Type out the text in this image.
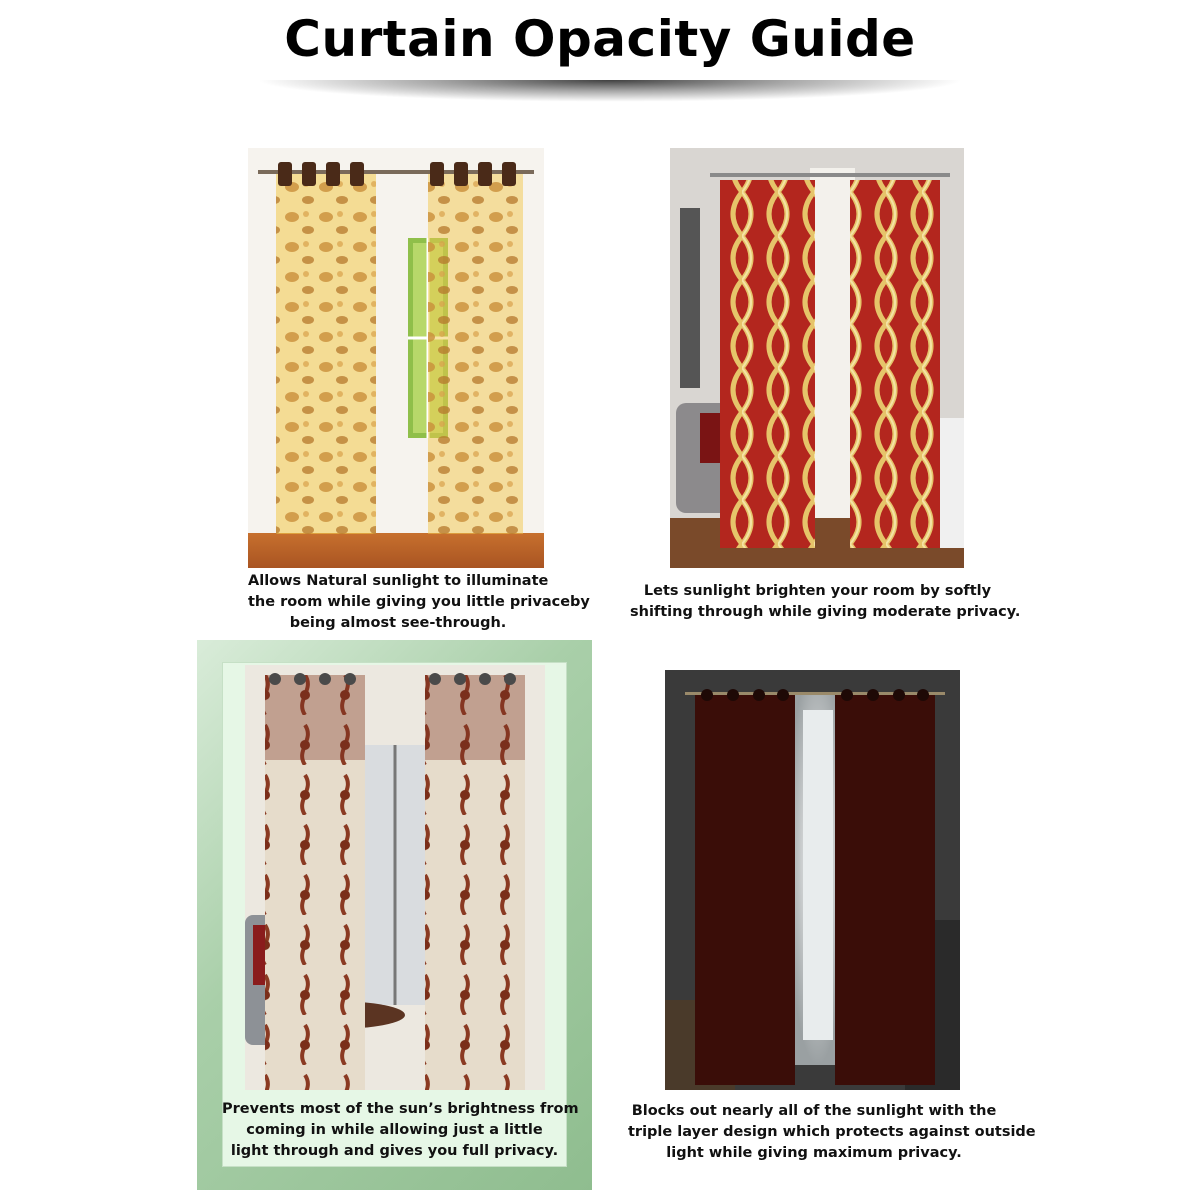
Curtain Opacity Guide
Allows Natural sunlight to illuminate
the room while giving you little privaceby
being almost see-through.
Lets sunlight brighten your room by softly
shifting through while giving moderate privacy.
Prevents most of the sun’s brightness from
coming in while allowing just a little
light through and gives you full privacy.
Blocks out nearly all of the sunlight with the
triple layer design which protects against outside
light while giving maximum privacy.
